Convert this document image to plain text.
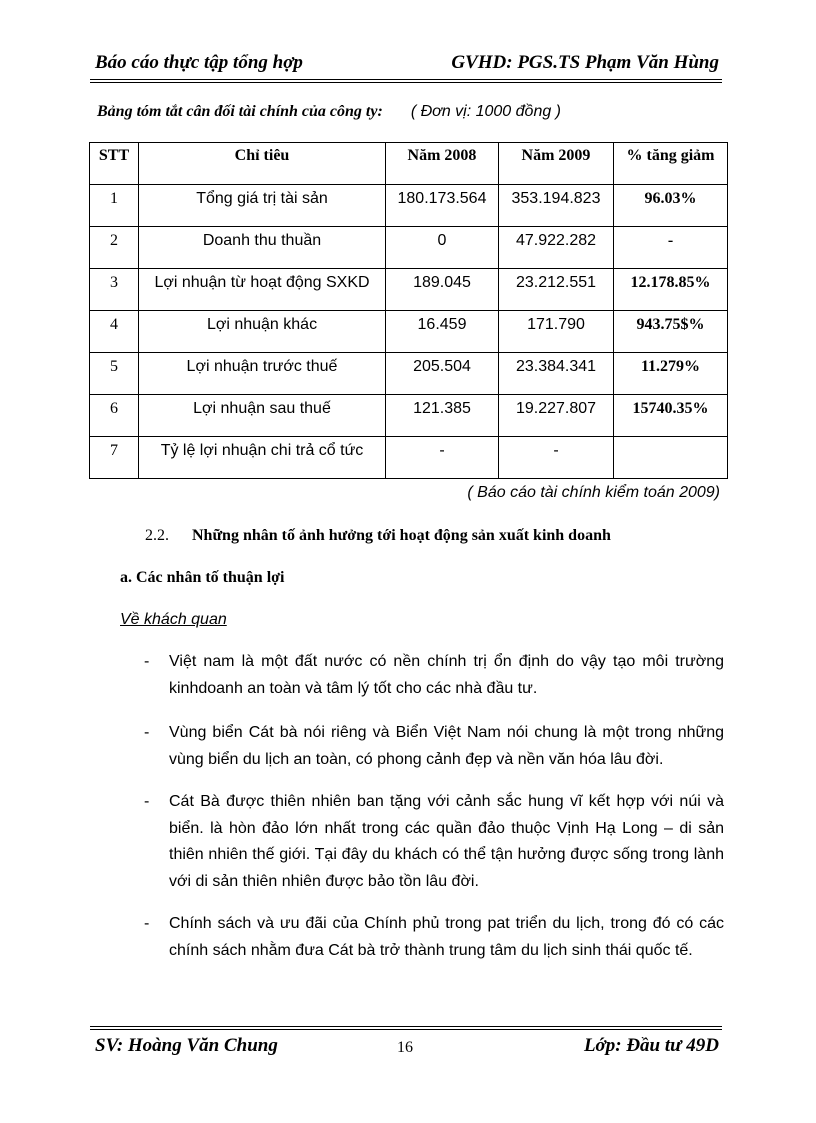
Báo cáo thực tập tổng hợp	GVHD: PGS.TS Phạm Văn Hùng
Bảng tóm tắt cân đối tài chính của công ty: ( Đơn vị: 1000 đồng )
STT	Chỉ tiêu	Năm 2008	Năm 2009	% tăng giảm
1	Tổng giá trị tài sản	180.173.564	353.194.823	96.03%
2	Doanh thu thuần	0	47.922.282	-
3	Lợi nhuận từ hoạt động SXKD	189.045	23.212.551	12.178.85%
4	Lợi nhuận khác	16.459	171.790	943.75$%
5	Lợi nhuận trước thuế	205.504	23.384.341	11.279%
6	Lợi nhuận sau thuế	121.385	19.227.807	15740.35%
7	Tỷ lệ lợi nhuận chi trả cổ tức	-	-	
( Báo cáo tài chính kiểm toán 2009)
2.2. Những nhân tố ảnh hưởng tới hoạt động sản xuất kinh doanh
a. Các nhân tố thuận lợi
Về khách quan
- Việt nam là một đất nước có nền chính trị ổn định do vậy tạo môi trường kinhdoanh an toàn và tâm lý tốt cho các nhà đầu tư.
- Vùng biển Cát bà nói riêng và Biển Việt Nam nói chung là một trong những vùng biển du lịch an toàn, có phong cảnh đẹp và nền văn hóa lâu đời.
- Cát Bà được thiên nhiên ban tặng với cảnh sắc hung vĩ kết hợp với núi và biển. là hòn đảo lớn nhất trong các quần đảo thuộc Vịnh Hạ Long – di sản thiên nhiên thế giới. Tại đây du khách có thể tận hưởng được sống trong lành với di sản thiên nhiên được bảo tồn lâu đời.
- Chính sách và ưu đãi của Chính phủ trong pat triển du lịch, trong đó có các chính sách nhằm đưa Cát bà trở thành trung tâm du lịch sinh thái quốc tế.
SV: Hoàng Văn Chung	16	Lớp: Đầu tư 49D
